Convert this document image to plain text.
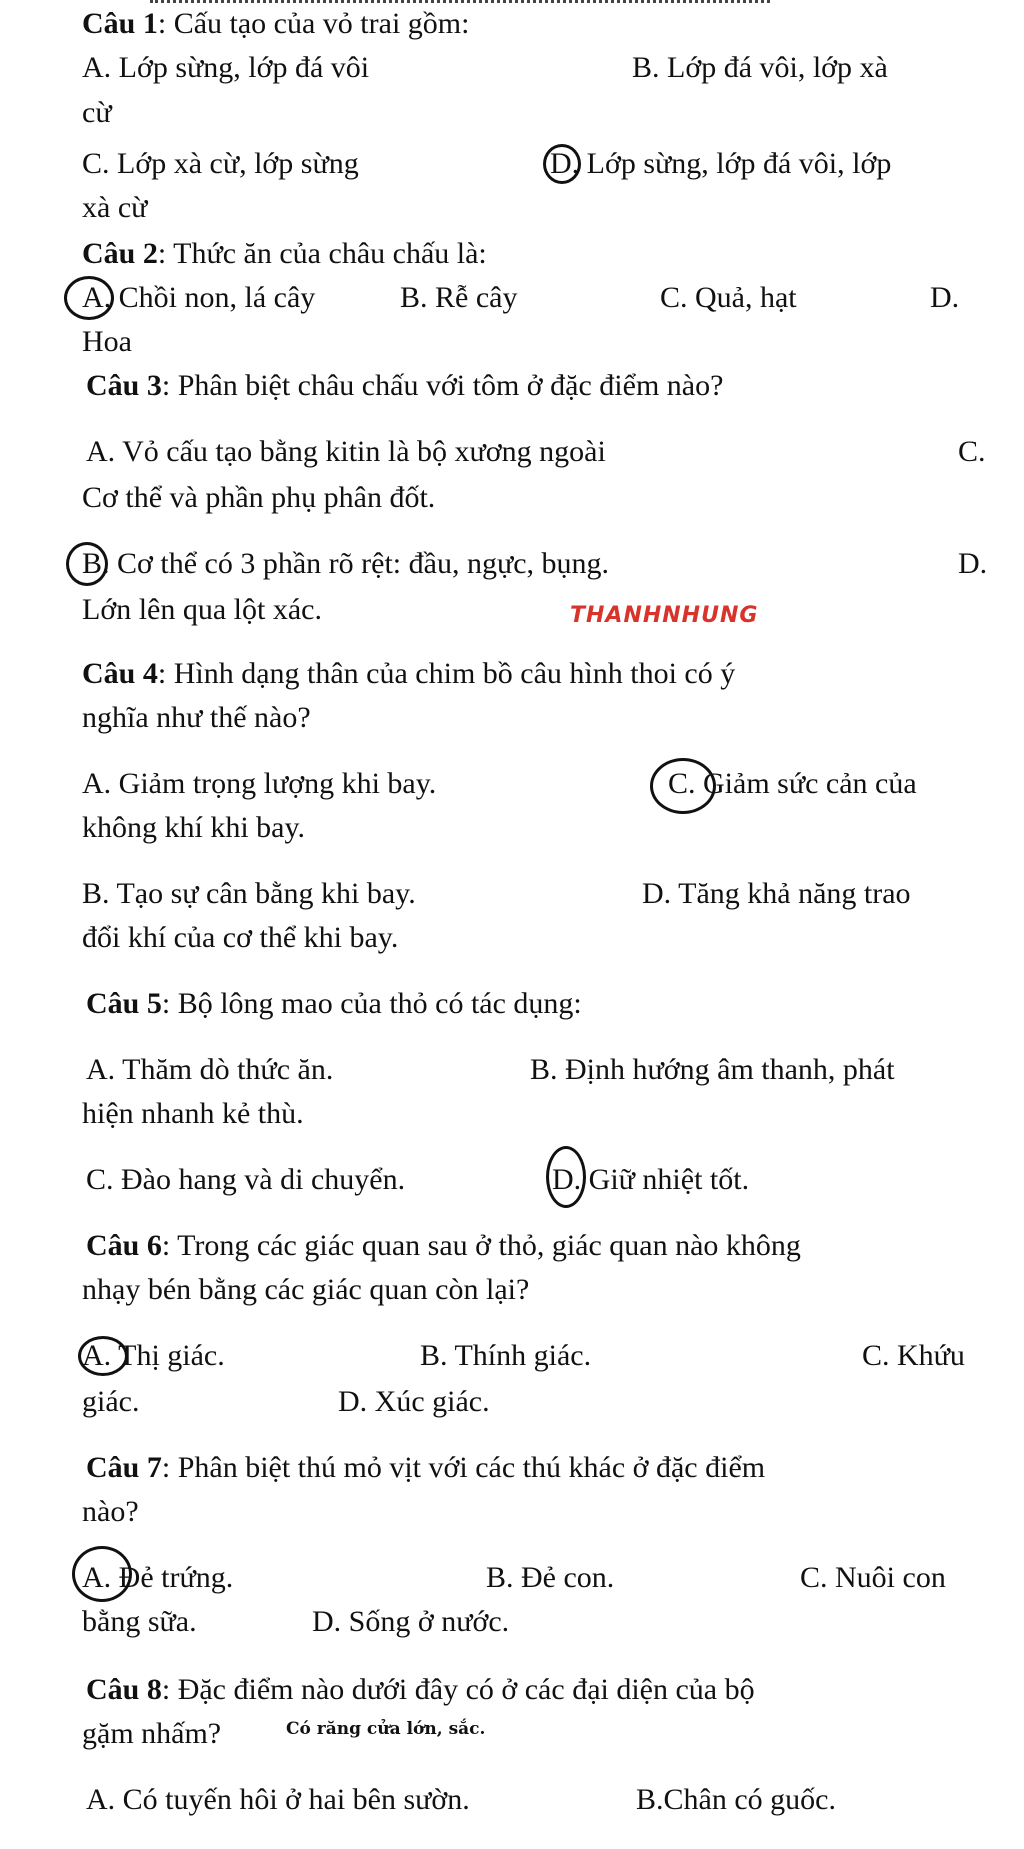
Câu 1: Cấu tạo của vỏ trai gồm:

A. Lớp sừng, lớp đá vôi	B. Lớp đá vôi, lớp xà

cừ

C. Lớp xà cừ, lớp sừng	D. Lớp sừng, lớp đá vôi, lớp

xà cừ

Câu 2: Thức ăn của châu chấu là:

A. Chồi non, lá cây	B. Rễ cây	C. Quả, hạt	D.

Hoa

Câu 3: Phân biệt châu chấu với tôm ở đặc điểm nào?

A. Vỏ cấu tạo bằng kitin là bộ xương ngoài	C.

Cơ thể và phần phụ phân đốt.

B. Cơ thể có 3 phần rõ rệt: đầu, ngực, bụng.	D.

Lớn lên qua lột xác.	THANHNHUNG

Câu 4: Hình dạng thân của chim bồ câu hình thoi có ý

nghĩa như thế nào?

A. Giảm trọng lượng khi bay.	C. Giảm sức cản của

không khí khi bay.

B. Tạo sự cân bằng khi bay.	D. Tăng khả năng trao

đổi khí của cơ thể khi bay.

Câu 5: Bộ lông mao của thỏ có tác dụng:

A. Thăm dò thức ăn.	B. Định hướng âm thanh, phát

hiện nhanh kẻ thù.

C. Đào hang và di chuyển.	D. Giữ nhiệt tốt.

Câu 6: Trong các giác quan sau ở thỏ, giác quan nào không

nhạy bén bằng các giác quan còn lại?

A. Thị giác.	B. Thính giác.	C. Khứu

giác.	D. Xúc giác.

Câu 7: Phân biệt thú mỏ vịt với các thú khác ở đặc điểm

nào?

A. Đẻ trứng.	B. Đẻ con.	C. Nuôi con

bằng sữa.	D. Sống ở nước.

Câu 8: Đặc điểm nào dưới đây có ở các đại diện của bộ

gặm nhấm?	Có răng cửa lớn, sắc.

A. Có tuyến hôi ở hai bên sườn.	B.Chân có guốc.
